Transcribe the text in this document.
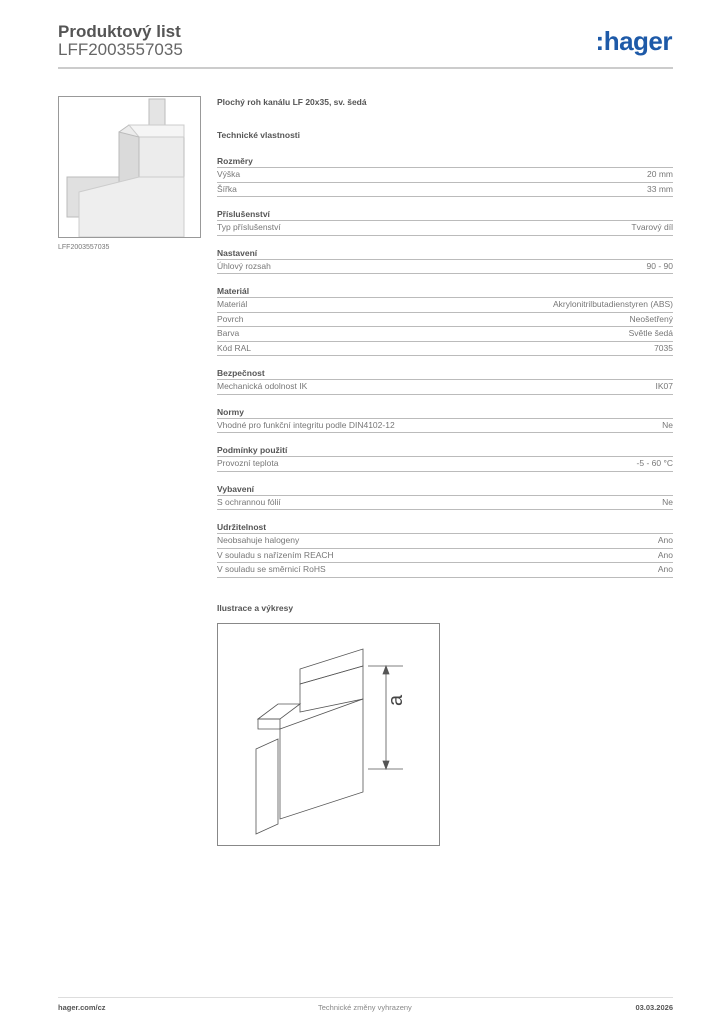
Produktový list
LFF2003557035	:hager
LFF2003557035
Plochý roh kanálu LF 20x35, sv. šedá
Technické vlastnosti
Rozměry
Výška	20 mm
Šířka	33 mm
Příslušenství
Typ příslušenství	Tvarový díl
Nastavení
Úhlový rozsah	90 - 90
Materiál
Materiál	Akrylonitrilbutadienstyren (ABS)
Povrch	Neošetřený
Barva	Světle šedá
Kód RAL	7035
Bezpečnost
Mechanická odolnost IK	IK07
Normy
Vhodné pro funkční integritu podle DIN4102-12	Ne
Podmínky použití
Provozní teplota	-5 - 60 °C
Vybavení
S ochrannou fólií	Ne
Udržitelnost
Neobsahuje halogeny	Ano
V souladu s nařízením REACH	Ano
V souladu se směrnicí RoHS	Ano
Ilustrace a výkresy
a
hager.com/cz	Technické změny vyhrazeny	03.03.2026
